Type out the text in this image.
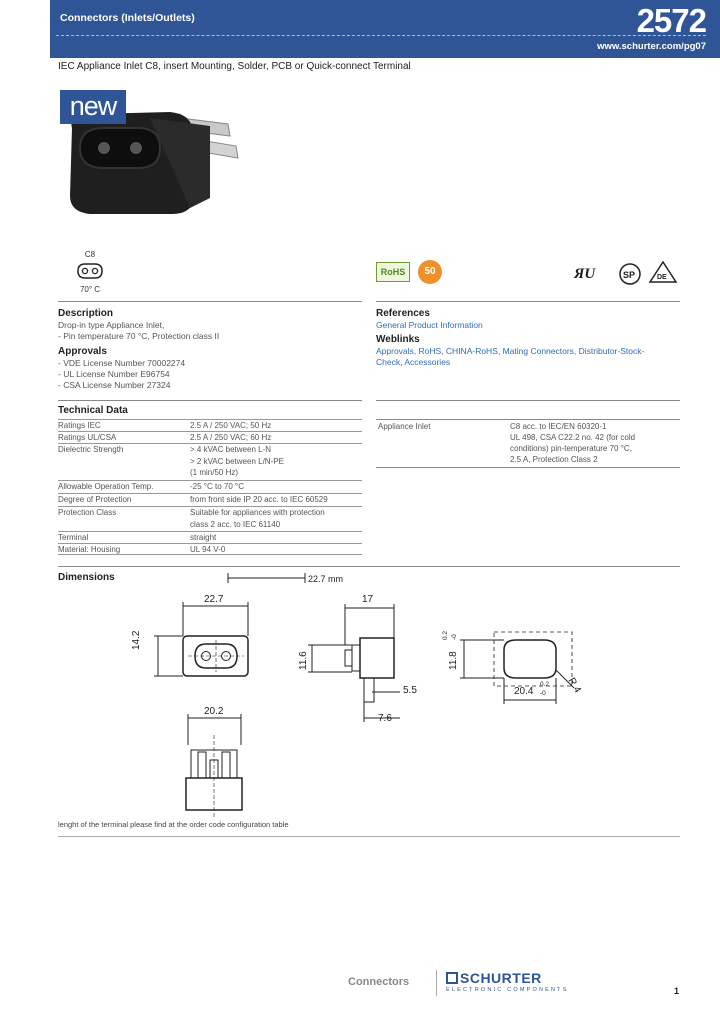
Connectors (Inlets/Outlets)	2572
www.schurter.com/pg07
IEC Appliance Inlet C8, insert Mounting, Solder, PCB or Quick-connect Terminal
new
C8
70° C
RoHS	50	ЯU	SP	DE
Description
Drop-in type Appliance Inlet,
- Pin temperature 70 °C, Protection class II
Approvals
- VDE License Number 70002274
- UL License Number E96754
- CSA License Number 27324
References
General Product Information
Weblinks
Approvals, RoHS, CHINA-RoHS, Mating Connectors, Distributor-Stock-
Check, Accessories
Technical Data
Ratings IEC	2.5 A / 250 VAC; 50 Hz
Ratings UL/CSA	2.5 A / 250 VAC; 60 Hz
Dielectric Strength	> 4 kVAC between L-N
> 2 kVAC between L/N-PE
(1 min/50 Hz)
Allowable Operation Temp.	-25 °C to 70 °C
Degree of Protection	from front side IP 20 acc. to IEC 60529
Protection Class	Suitable for appliances with protection
class 2 acc. to IEC 61140
Terminal	straight
Material: Housing	UL 94 V-0
Appliance Inlet	C8 acc. to IEC/EN 60320-1
UL 498, CSA C22.2 no. 42 (for cold
conditions) pin-temperature 70 °C,
2.5 A, Protection Class 2
Dimensions	22.7 mm
22.7
14.2
20.2
17
11.6
5.5
7.6
11.8
0.2 -0
20.4
0.2
-0 R 4
lenght of the terminal please find at the order code configuration table
Connectors	SCHURTER
ELECTRONIC COMPONENTS	1
